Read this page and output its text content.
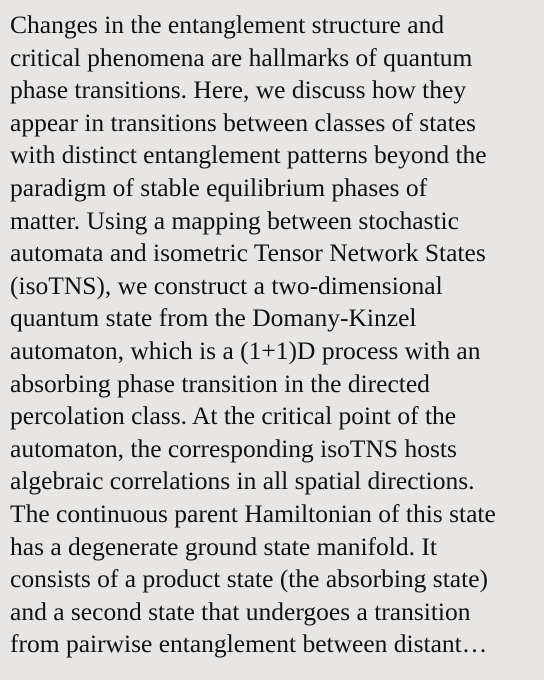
Changes in the entanglement structure and
critical phenomena are hallmarks of quantum
phase transitions. Here, we discuss how they
appear in transitions between classes of states
with distinct entanglement patterns beyond the
paradigm of stable equilibrium phases of
matter. Using a mapping between stochastic
automata and isometric Tensor Network States
(isoTNS), we construct a two-dimensional
quantum state from the Domany-Kinzel
automaton, which is a (1+1)D process with an
absorbing phase transition in the directed
percolation class. At the critical point of the
automaton, the corresponding isoTNS hosts
algebraic correlations in all spatial directions.
The continuous parent Hamiltonian of this state
has a degenerate ground state manifold. It
consists of a product state (the absorbing state)
and a second state that undergoes a transition
from pairwise entanglement between distant…
